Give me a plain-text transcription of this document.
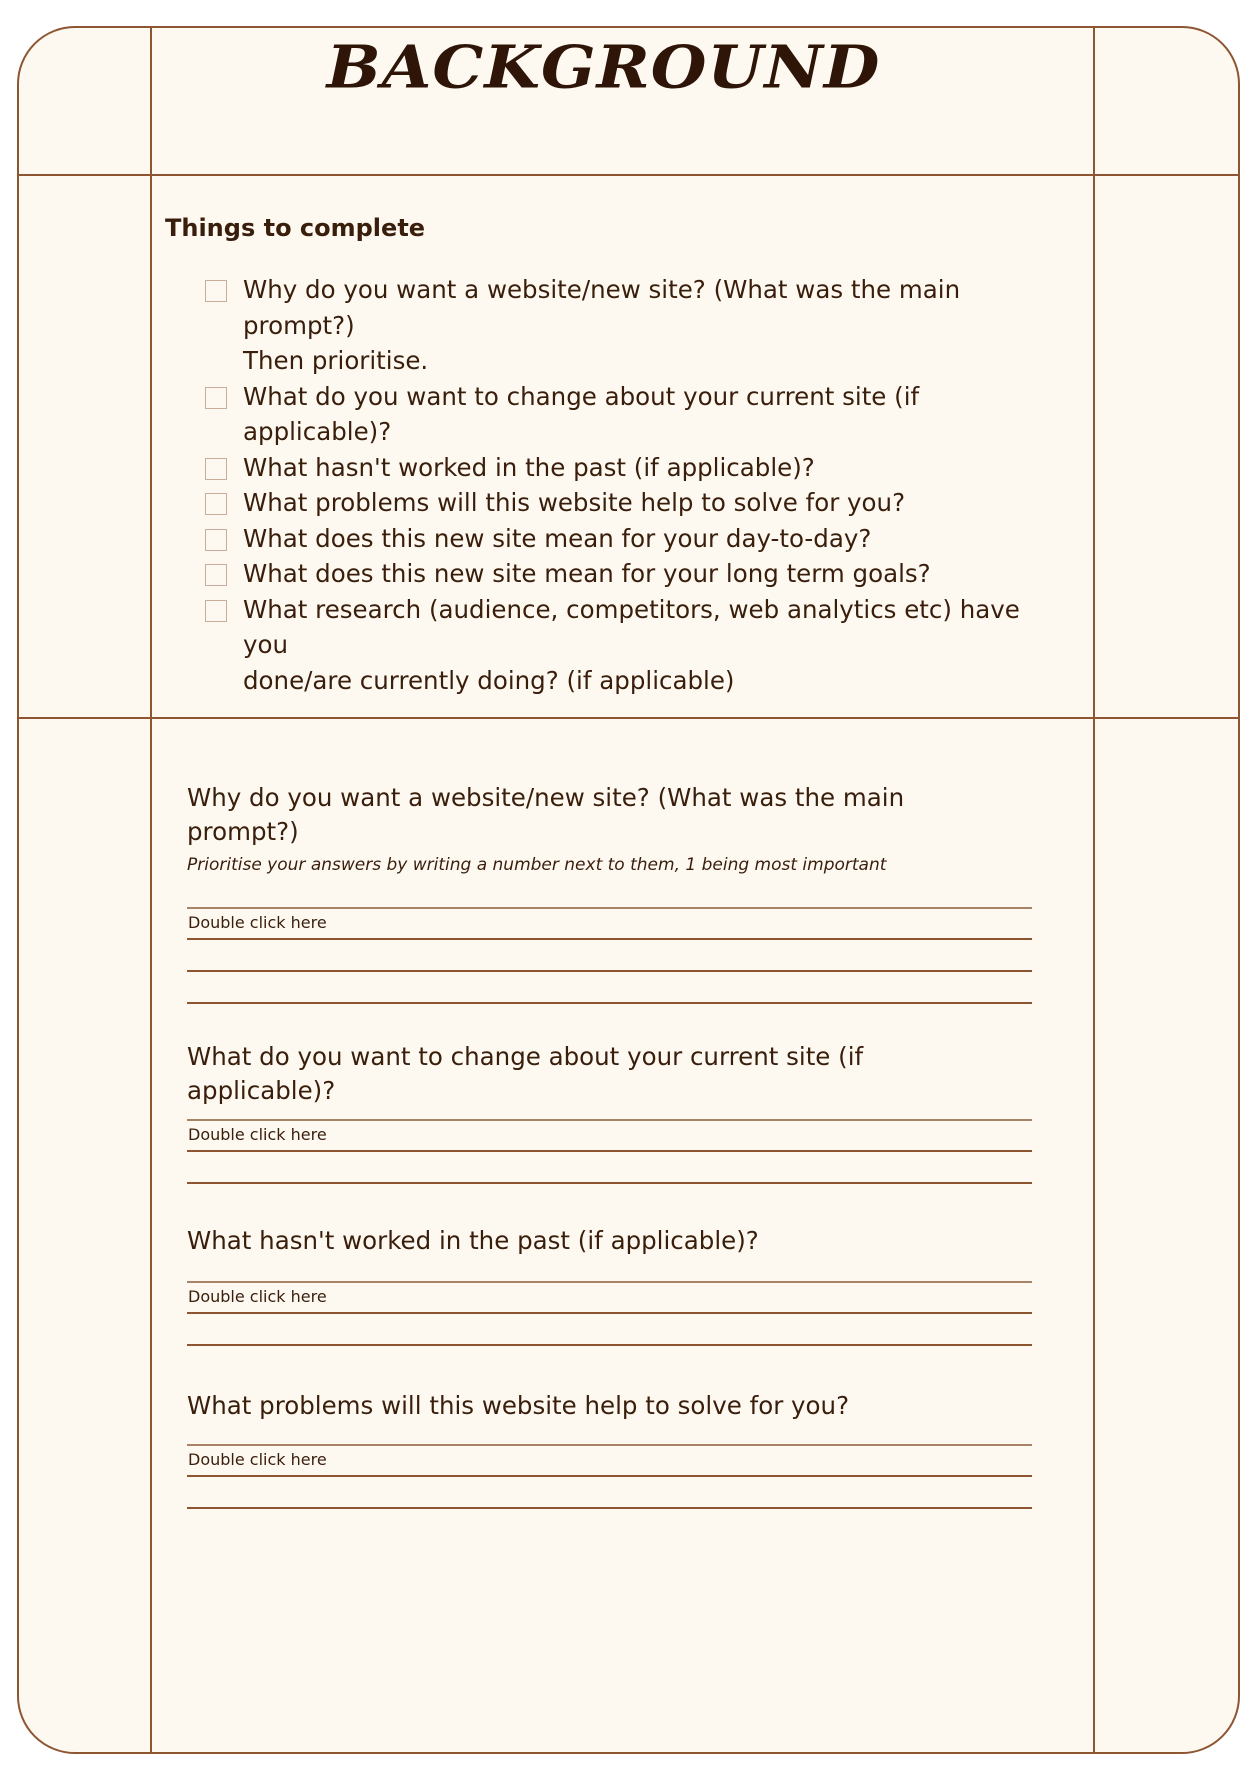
BACKGROUND
Things to complete
Why do you want a website/new site? (What was the main prompt?)
Then prioritise.
What do you want to change about your current site (if applicable)?
What hasn't worked in the past (if applicable)?
What problems will this website help to solve for you?
What does this new site mean for your day-to-day?
What does this new site mean for your long term goals?
What research (audience, competitors, web analytics etc) have you
done/are currently doing? (if applicable)
Why do you want a website/new site? (What was the main prompt?)
Prioritise your answers by writing a number next to them, 1 being most important
Double click here
What do you want to change about your current site (if applicable)?
Double click here
What hasn't worked in the past (if applicable)?
Double click here
What problems will this website help to solve for you?
Double click here
